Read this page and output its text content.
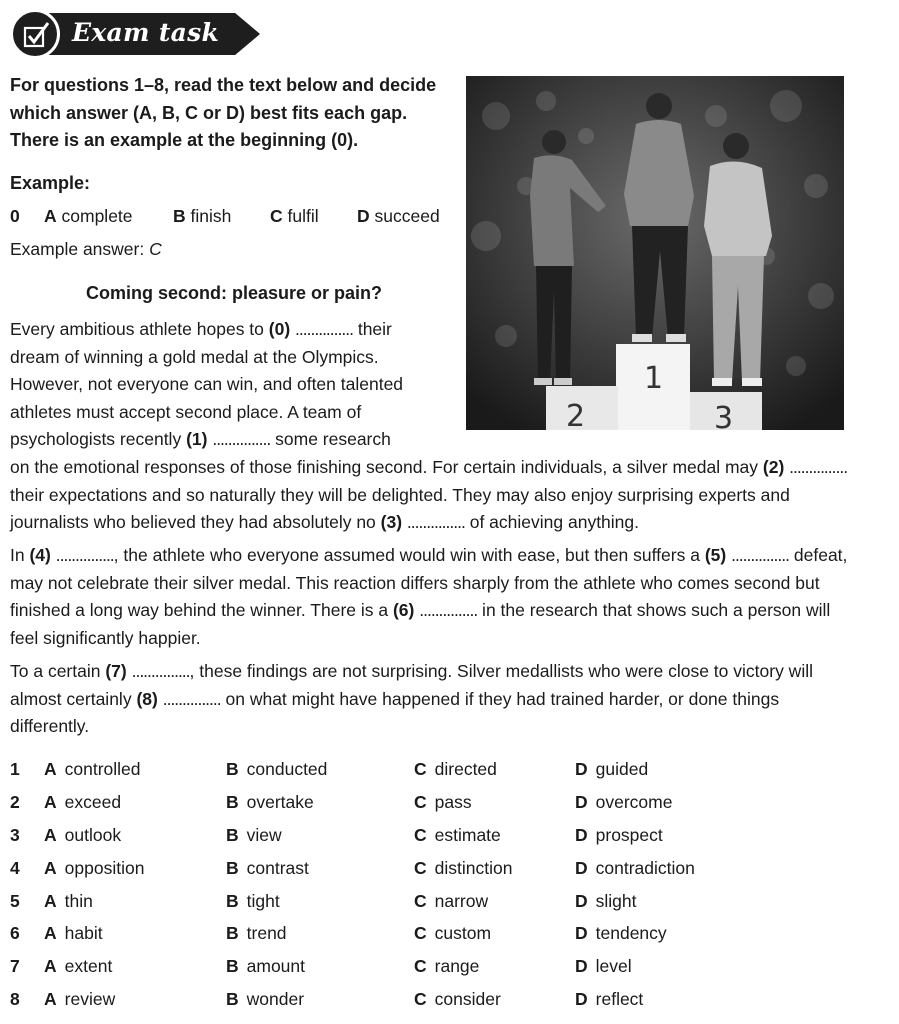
Exam task
For questions 1–8, read the text below and decide which answer (A, B, C or D) best fits each gap. There is an example at the beginning (0).
Example:
0 A complete B finish C fulfil D succeed
Example answer: C
Coming second: pleasure or pain?
1
2	3
Every ambitious athlete hopes to (0) ............... their dream of winning a gold medal at the Olympics. However, not everyone can win, and often talented athletes must accept second place. A team of psychologists recently (1) ............... some research
on the emotional responses of those finishing second. For certain individuals, a silver medal may (2) ............... their expectations and so naturally they will be delighted. They may also enjoy surprising experts and journalists who believed they had absolutely no (3) ............... of achieving anything.
In (4) ..............., the athlete who everyone assumed would win with ease, but then suffers a (5) ............... defeat, may not celebrate their silver medal. This reaction differs sharply from the athlete who comes second but finished a long way behind the winner. There is a (6) ............... in the research that shows such a person will feel significantly happier.
To a certain (7) ..............., these findings are not surprising. Silver medallists who were close to victory will almost certainly (8) ............... on what might have happened if they had trained harder, or done things differently.
1 A controlled	B conducted	C directed	D guided
2 A exceed	B overtake	C pass	D overcome
3 A outlook	B view	C estimate	D prospect
4 A opposition	B contrast	C distinction	D contradiction
5 A thin	B tight	C narrow	D slight
6 A habit	B trend	C custom	D tendency
7 A extent	B amount	C range	D level
8 A review	B wonder	C consider	D reflect
